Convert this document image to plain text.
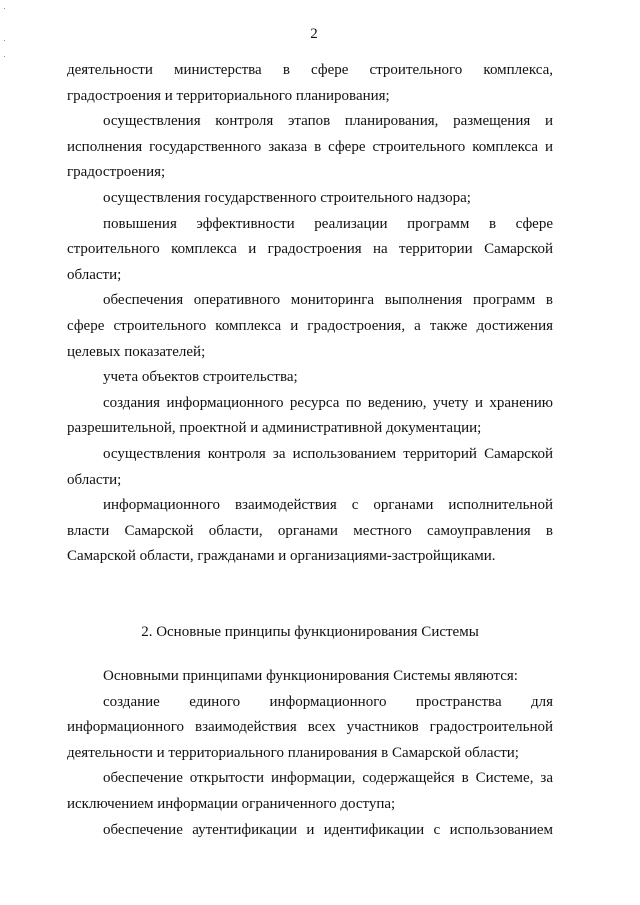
2

деятельности министерства в сфере строительного комплекса, градостроения и территориального планирования;

осуществления контроля этапов планирования, размещения и исполнения государственного заказа в сфере строительного комплекса и градостроения;

осуществления государственного строительного надзора;

повышения эффективности реализации программ в сфере строительного комплекса и градостроения на территории Самарской области;

обеспечения оперативного мониторинга выполнения программ в сфере строительного комплекса и градостроения, а также достижения целевых показателей;

учета объектов строительства;

создания информационного ресурса по ведению, учету и хранению разрешительной, проектной и административной документации;

осуществления контроля за использованием территорий Самарской области;

информационного взаимодействия с органами исполнительной власти Самарской области, органами местного самоуправления в Самарской области, гражданами и организациями-застройщиками.

2. Основные принципы функционирования Системы

Основными принципами функционирования Системы являются:

создание единого информационного пространства для информационного взаимодействия всех участников градостроительной деятельности и территориального планирования в Самарской области;

обеспечение открытости информации, содержащейся в Системе, за исключением информации ограниченного доступа;

обеспечение аутентификации и идентификации с использованием
